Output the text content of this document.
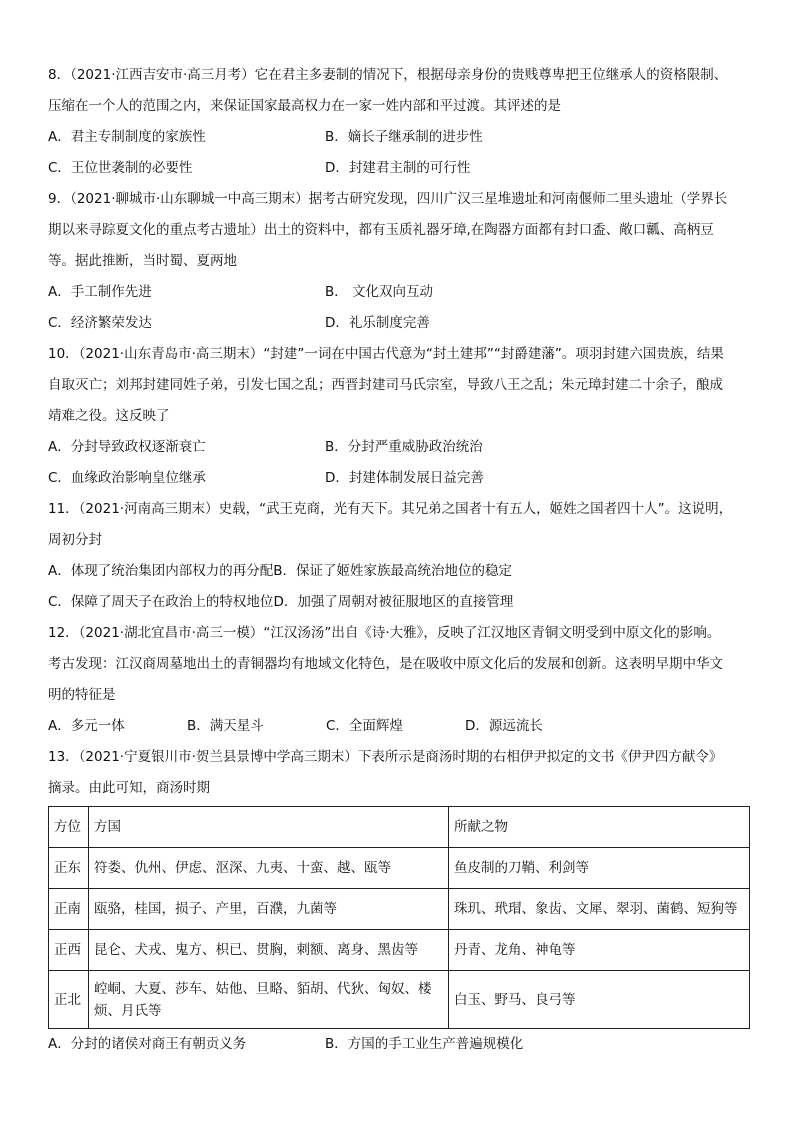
8．（2021·江西吉安市·高三月考）它在君主多妻制的情况下，根据母亲身份的贵贱尊卑把王位继承人的资格限制、
压缩在一个人的范围之内，来保证国家最高权力在一家一姓内部和平过渡。其评述的是

A．君主专制制度的家族性	B．嫡长子继承制的进步性
C．王位世袭制的必要性	D．封建君主制的可行性

9．（2021·聊城市·山东聊城一中高三期末）据考古研究发现，四川广汉三星堆遗址和河南偃师二里头遗址（学界长
期以来寻踪夏文化的重点考古遗址）出土的资料中，都有玉质礼器牙璋,在陶器方面都有封口盉、敞口瓤、高柄豆
等。据此推断，当时蜀、夏两地

A．手工制作先进	B． 文化双向互动
C．经济繁荣发达	D．礼乐制度完善

10．（2021·山东青岛市·高三期末）“封建”一词在中国古代意为“封土建邦”“封爵建藩”。项羽封建六国贵族，结果
自取灭亡；刘邦封建同姓子弟，引发七国之乱；西晋封建司马氏宗室，导致八王之乱；朱元璋封建二十余子，酿成
靖难之役。这反映了

A．分封导致政权逐渐衰亡	B．分封严重威胁政治统治
C．血缘政治影响皇位继承	D．封建体制发展日益完善

11．（2021·河南高三期末）史载，“武王克商，光有天下。其兄弟之国者十有五人，姬姓之国者四十人”。这说明，
周初分封

A．体现了统治集团内部权力的再分配B．保证了姬姓家族最高统治地位的稳定
C．保障了周天子在政治上的特权地位D．加强了周朝对被征服地区的直接管理

12．（2021·湖北宜昌市·高三一模）“江汉汤汤”出自《诗·大雅》，反映了江汉地区青铜文明受到中原文化的影响。
考古发现：江汉商周墓地出土的青铜器均有地域文化特色，是在吸收中原文化后的发展和创新。这表明早期中华文
明的特征是

A．多元一体	B．满天星斗	C．全面辉煌	D．源远流长

13．（2021·宁夏银川市·贺兰县景博中学高三期末）下表所示是商汤时期的右相伊尹拟定的文书《伊尹四方献令》
摘录。由此可知，商汤时期

方位	方国	所献之物
正东	符娄、仇州、伊虑、沤深、九夷、十蛮、越、瓯等	鱼皮制的刀鞘、利剑等
正南	瓯骆，桂国，损子、产里，百濮，九菌等	珠玑、玳瑁、象齿、文犀、翠羽、菌鹤、短狗等
正西	昆仑、犬戎、鬼方、枳已、贯胸，刺额、离身、黑齿等	丹青、龙角、神龟等
正北	崆峒、大夏、莎车、姑他、旦略、貊胡、代狄、匈奴、楼烦、月氏等	白玉、野马、良弓等
A．分封的诸侯对商王有朝贡义务	B．方国的手工业生产普遍规模化
